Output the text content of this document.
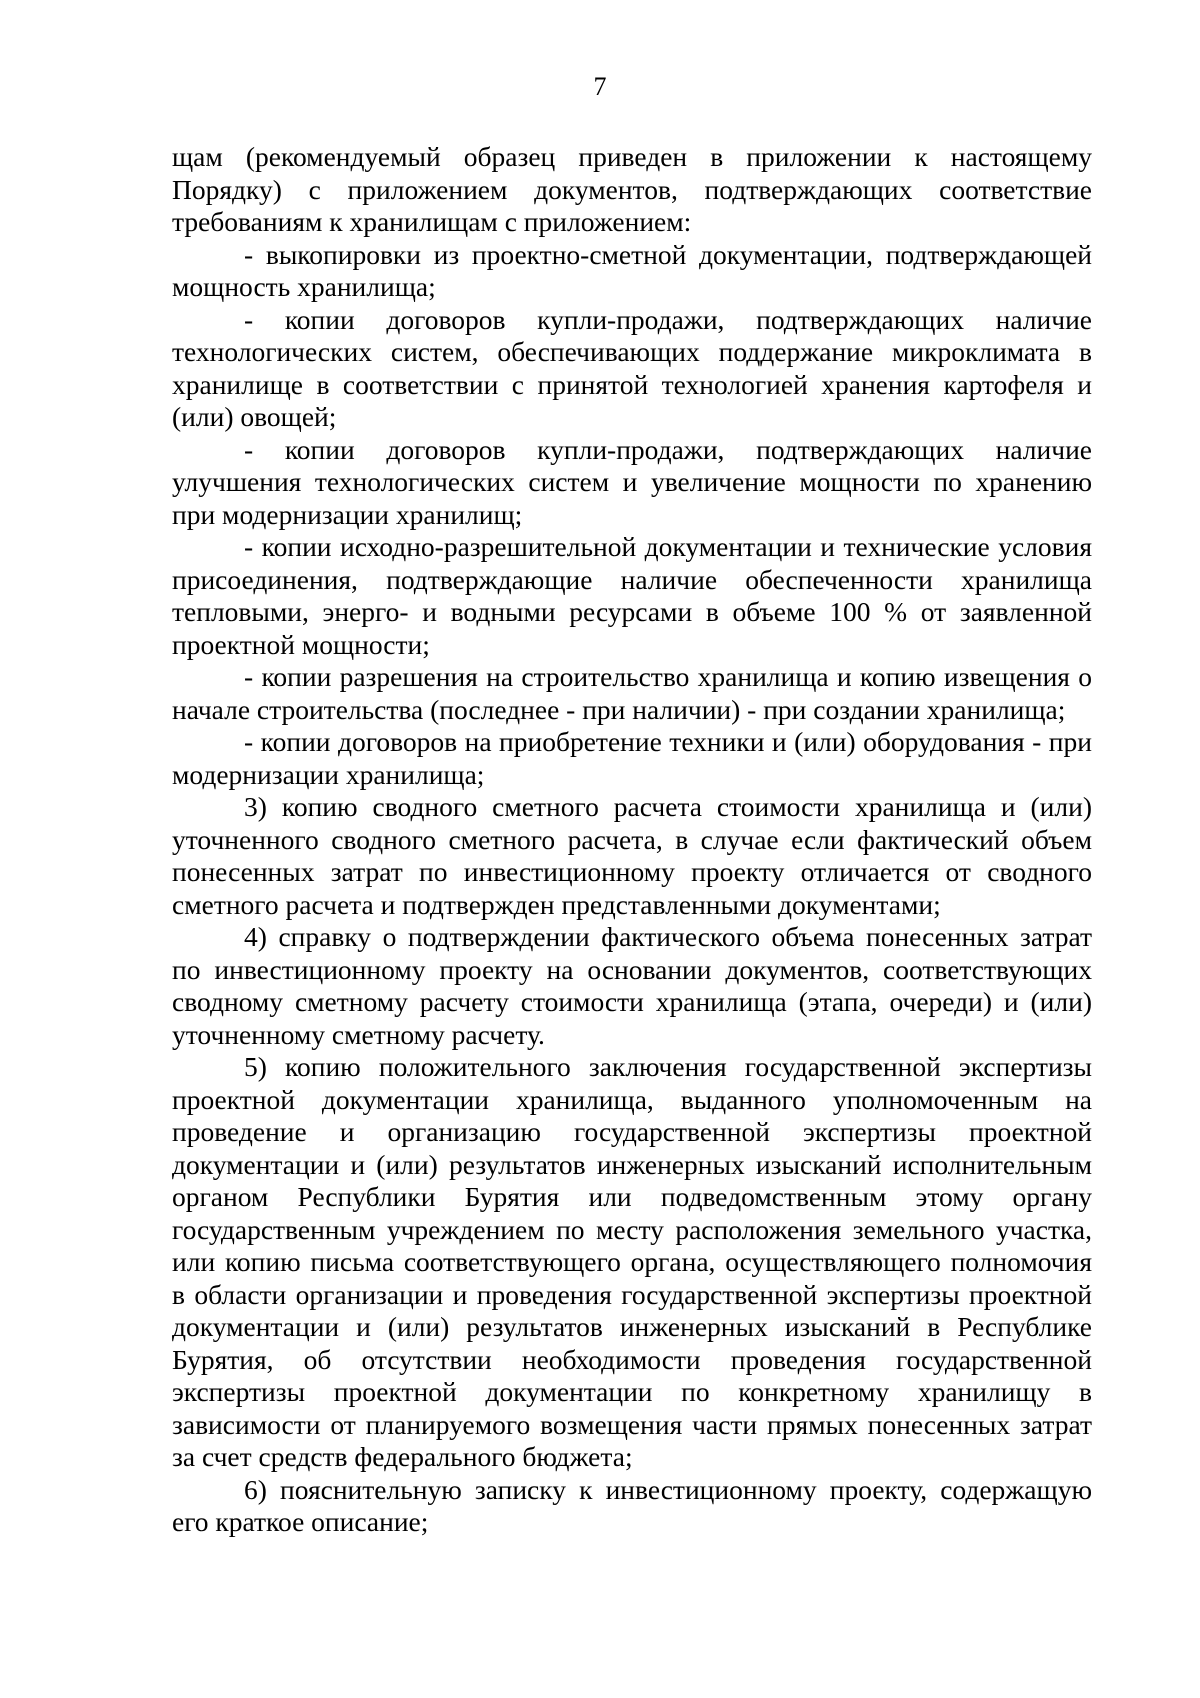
7

щам (рекомендуемый образец приведен в приложении к настоящему Порядку) с приложением документов, подтверждающих соответствие требованиям к хранилищам с приложением:

- выкопировки из проектно-сметной документации, подтверждающей мощность хранилища;

- копии договоров купли-продажи, подтверждающих наличие технологических систем, обеспечивающих поддержание микроклимата в хранилище в соответствии с принятой технологией хранения картофеля и (или) овощей;

- копии договоров купли-продажи, подтверждающих наличие улучшения технологических систем и увеличение мощности по хранению при модернизации хранилищ;

- копии исходно-разрешительной документации и технические условия присоединения, подтверждающие наличие обеспеченности хранилища тепловыми, энерго- и водными ресурсами в объеме 100 % от заявленной проектной мощности;

- копии разрешения на строительство хранилища и копию извещения о начале строительства (последнее - при наличии) - при создании хранилища;

- копии договоров на приобретение техники и (или) оборудования - при модернизации хранилища;

3) копию сводного сметного расчета стоимости хранилища и (или) уточненного сводного сметного расчета, в случае если фактический объем понесенных затрат по инвестиционному проекту отличается от сводного сметного расчета и подтвержден представленными документами;

4) справку о подтверждении фактического объема понесенных затрат по инвестиционному проекту на основании документов, соответствующих сводному сметному расчету стоимости хранилища (этапа, очереди) и (или) уточненному сметному расчету.

5) копию положительного заключения государственной экспертизы проектной документации хранилища, выданного уполномоченным на проведение и организацию государственной экспертизы проектной документации и (или) результатов инженерных изысканий исполнительным органом Республики Бурятия или подведомственным этому органу государственным учреждением по месту расположения земельного участка, или копию письма соответствующего органа, осуществляющего полномочия в области организации и проведения государственной экспертизы проектной документации и (или) результатов инженерных изысканий в Республике Бурятия, об отсутствии необходимости проведения государственной экспертизы проектной документации по конкретному хранилищу в зависимости от планируемого возмещения части прямых понесенных затрат за счет средств федерального бюджета;

6) пояснительную записку к инвестиционному проекту, содержащую его краткое описание;
